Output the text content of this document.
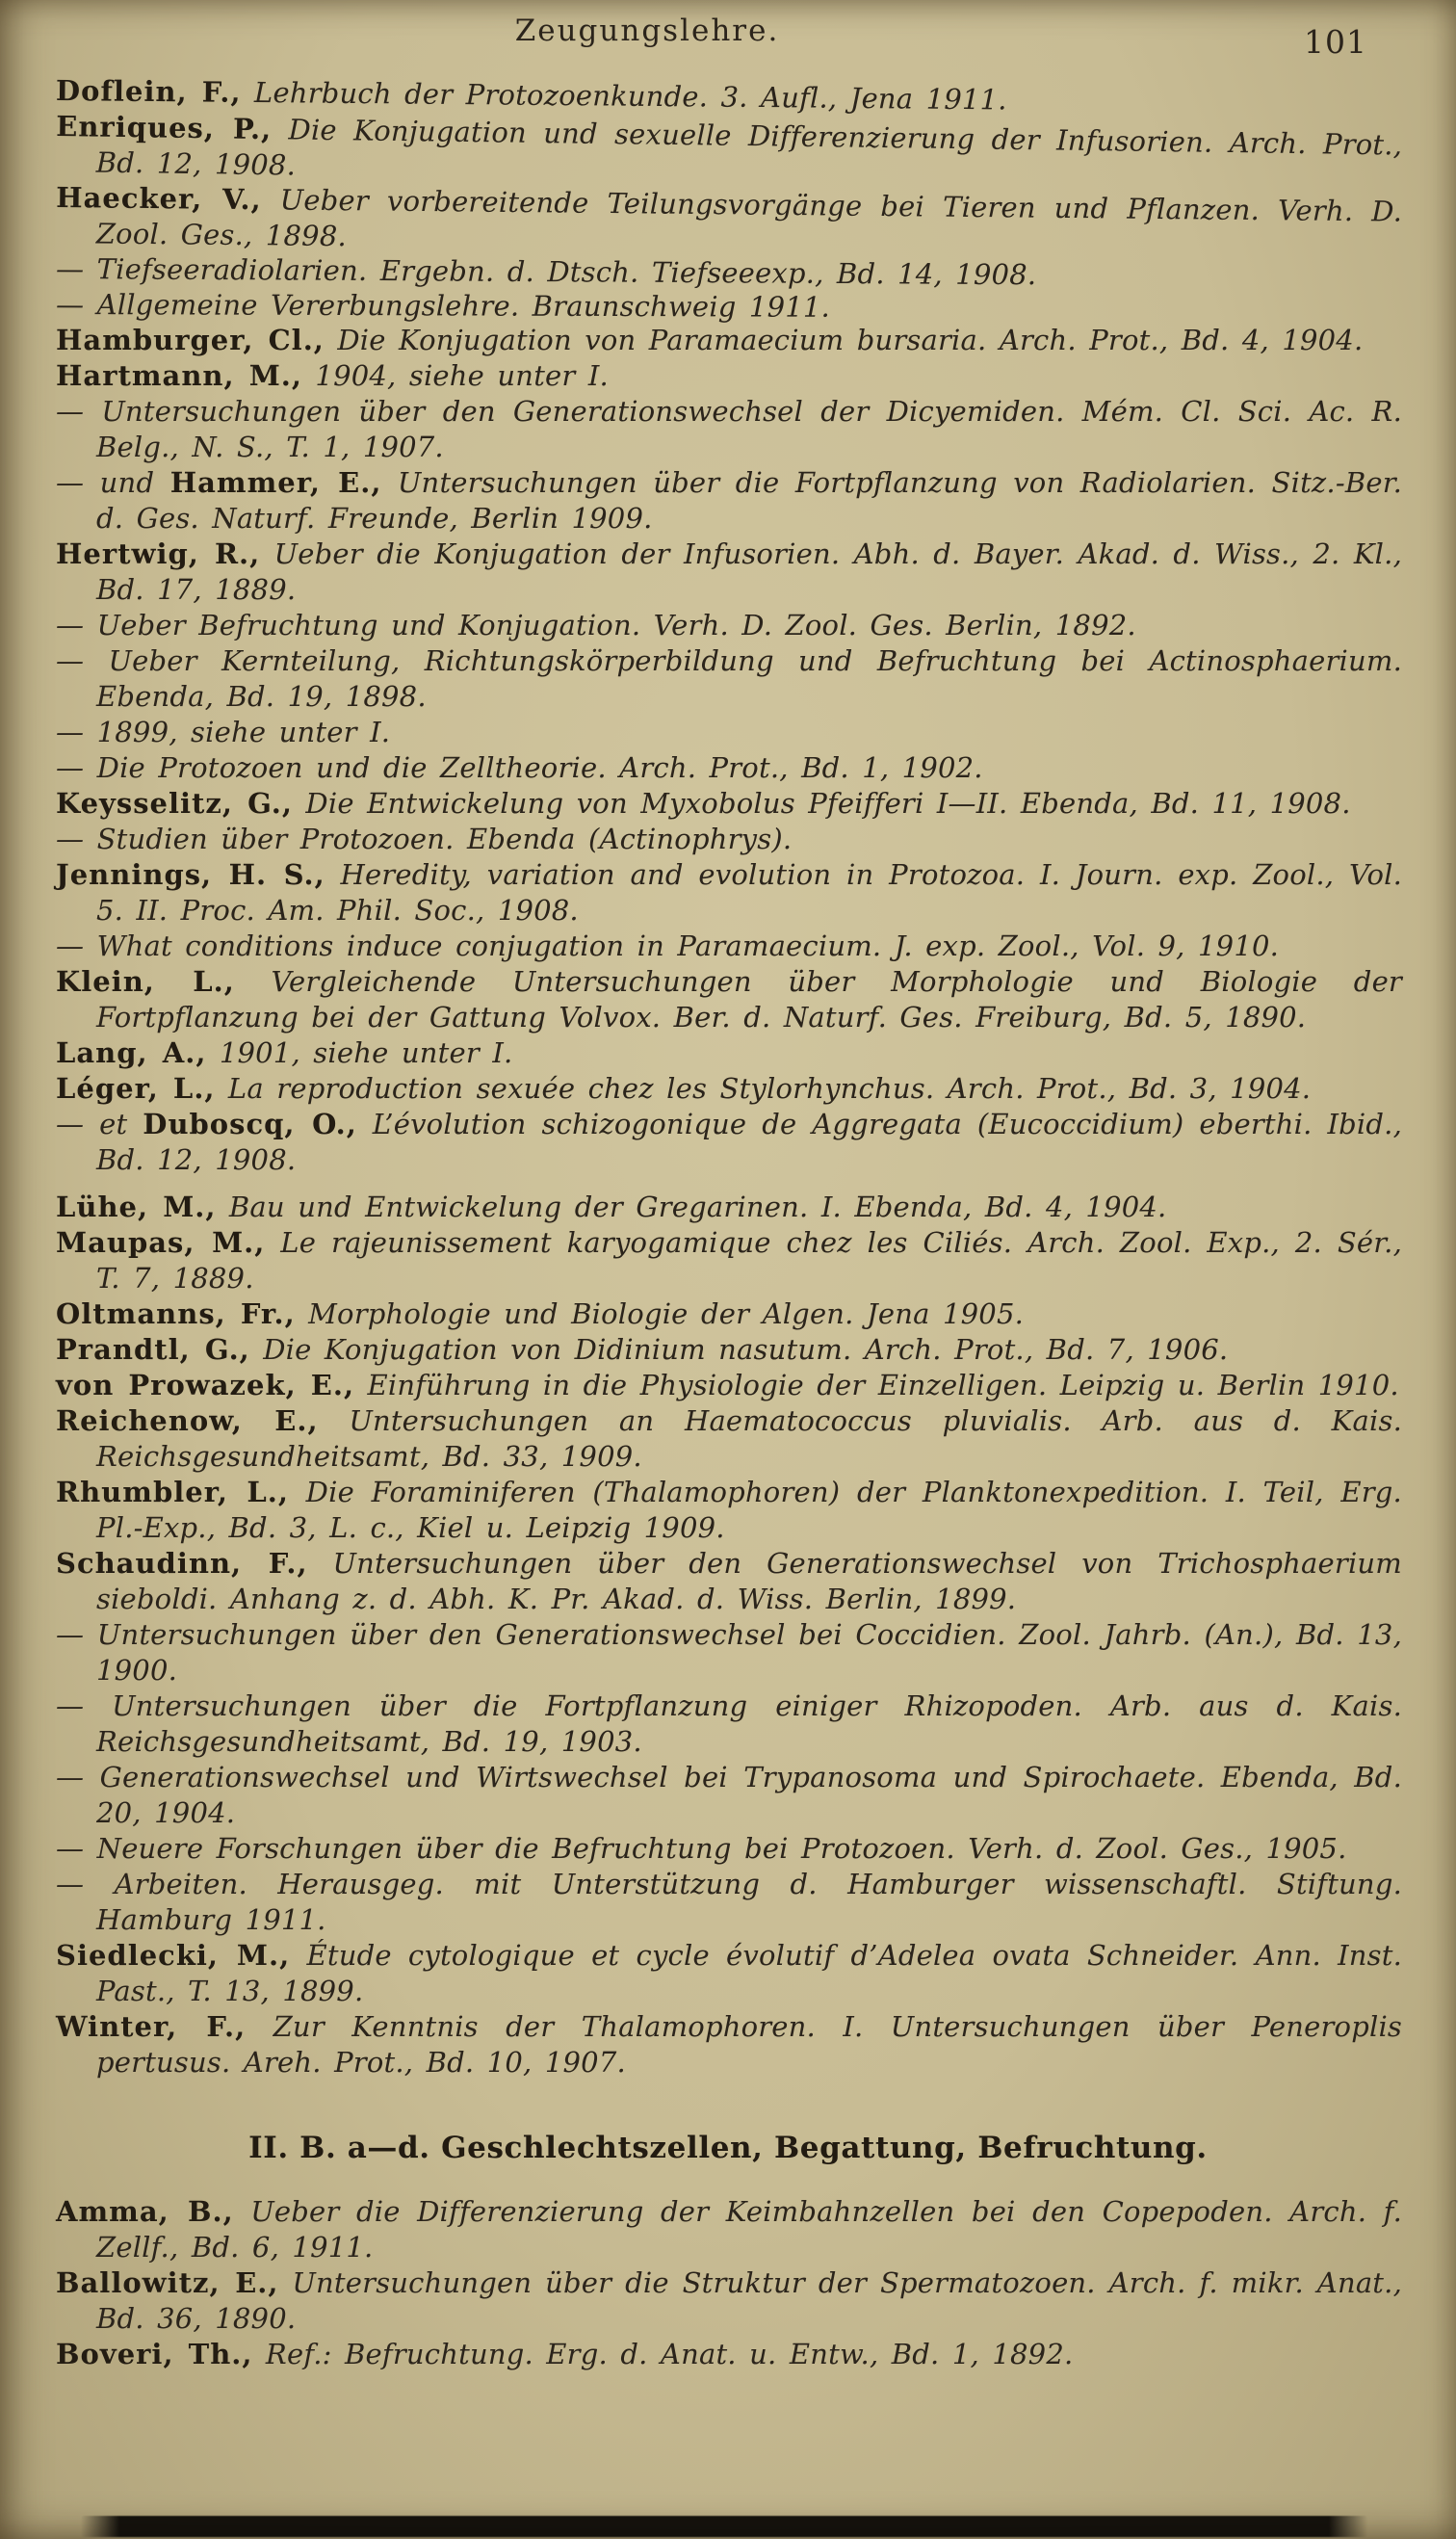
Zeugungslehre.	101

Doflein, F., Lehrbuch der Protozoenkunde. 3. Aufl., Jena 1911.

Enriques, P., Die Konjugation und sexuelle Differenzierung der Infusorien. Arch. Prot., Bd. 12, 1908.

Haecker, V., Ueber vorbereitende Teilungsvorgänge bei Tieren und Pflanzen. Verh. D. Zool. Ges., 1898.

— Tiefseeradiolarien. Ergebn. d. Dtsch. Tiefseeexp., Bd. 14, 1908.

— Allgemeine Vererbungslehre. Braunschweig 1911.

Hamburger, Cl., Die Konjugation von Paramaecium bursaria. Arch. Prot., Bd. 4, 1904.

Hartmann, M., 1904, siehe unter I.

— Untersuchungen über den Generationswechsel der Dicyemiden. Mém. Cl. Sci. Ac. R. Belg., N. S., T. 1, 1907.

— und Hammer, E., Untersuchungen über die Fortpflanzung von Radiolarien. Sitz.-Ber. d. Ges. Naturf. Freunde, Berlin 1909.

Hertwig, R., Ueber die Konjugation der Infusorien. Abh. d. Bayer. Akad. d. Wiss., 2. Kl., Bd. 17, 1889.

— Ueber Befruchtung und Konjugation. Verh. D. Zool. Ges. Berlin, 1892.

— Ueber Kernteilung, Richtungskörperbildung und Befruchtung bei Actinosphaerium. Ebenda, Bd. 19, 1898.

— 1899, siehe unter I.

— Die Protozoen und die Zelltheorie. Arch. Prot., Bd. 1, 1902.

Keysselitz, G., Die Entwickelung von Myxobolus Pfeifferi I—II. Ebenda, Bd. 11, 1908.

— Studien über Protozoen. Ebenda (Actinophrys).

Jennings, H. S., Heredity, variation and evolution in Protozoa. I. Journ. exp. Zool., Vol. 5. II. Proc. Am. Phil. Soc., 1908.

— What conditions induce conjugation in Paramaecium. J. exp. Zool., Vol. 9, 1910.

Klein, L., Vergleichende Untersuchungen über Morphologie und Biologie der Fortpflanzung bei der Gattung Volvox. Ber. d. Naturf. Ges. Freiburg, Bd. 5, 1890.

Lang, A., 1901, siehe unter I.

Léger, L., La reproduction sexuée chez les Stylorhynchus. Arch. Prot., Bd. 3, 1904.

— et Duboscq, O., L’évolution schizogonique de Aggregata (Eucoccidium) eberthi. Ibid., Bd. 12, 1908.

Lühe, M., Bau und Entwickelung der Gregarinen. I. Ebenda, Bd. 4, 1904.

Maupas, M., Le rajeunissement karyogamique chez les Ciliés. Arch. Zool. Exp., 2. Sér., T. 7, 1889.

Oltmanns, Fr., Morphologie und Biologie der Algen. Jena 1905.

Prandtl, G., Die Konjugation von Didinium nasutum. Arch. Prot., Bd. 7, 1906.

von Prowazek, E., Einführung in die Physiologie der Einzelligen. Leipzig u. Berlin 1910.

Reichenow, E., Untersuchungen an Haematococcus pluvialis. Arb. aus d. Kais. Reichsgesundheitsamt, Bd. 33, 1909.

Rhumbler, L., Die Foraminiferen (Thalamophoren) der Planktonexpedition. I. Teil, Erg. Pl.-Exp., Bd. 3, L. c., Kiel u. Leipzig 1909.

Schaudinn, F., Untersuchungen über den Generationswechsel von Trichosphaerium sieboldi. Anhang z. d. Abh. K. Pr. Akad. d. Wiss. Berlin, 1899.

— Untersuchungen über den Generationswechsel bei Coccidien. Zool. Jahrb. (An.), Bd. 13, 1900.

— Untersuchungen über die Fortpflanzung einiger Rhizopoden. Arb. aus d. Kais. Reichsgesundheitsamt, Bd. 19, 1903.

— Generationswechsel und Wirtswechsel bei Trypanosoma und Spirochaete. Ebenda, Bd. 20, 1904.

— Neuere Forschungen über die Befruchtung bei Protozoen. Verh. d. Zool. Ges., 1905.

— Arbeiten. Herausgeg. mit Unterstützung d. Hamburger wissenschaftl. Stiftung. Hamburg 1911.

Siedlecki, M., Étude cytologique et cycle évolutif d’Adelea ovata Schneider. Ann. Inst. Past., T. 13, 1899.

Winter, F., Zur Kenntnis der Thalamophoren. I. Untersuchungen über Peneroplis pertusus. Areh. Prot., Bd. 10, 1907.

II. B. a—d. Geschlechtszellen, Begattung, Befruchtung.

Amma, B., Ueber die Differenzierung der Keimbahnzellen bei den Copepoden. Arch. f. Zellf., Bd. 6, 1911.

Ballowitz, E., Untersuchungen über die Struktur der Spermatozoen. Arch. f. mikr. Anat., Bd. 36, 1890.

Boveri, Th., Ref.: Befruchtung. Erg. d. Anat. u. Entw., Bd. 1, 1892.
